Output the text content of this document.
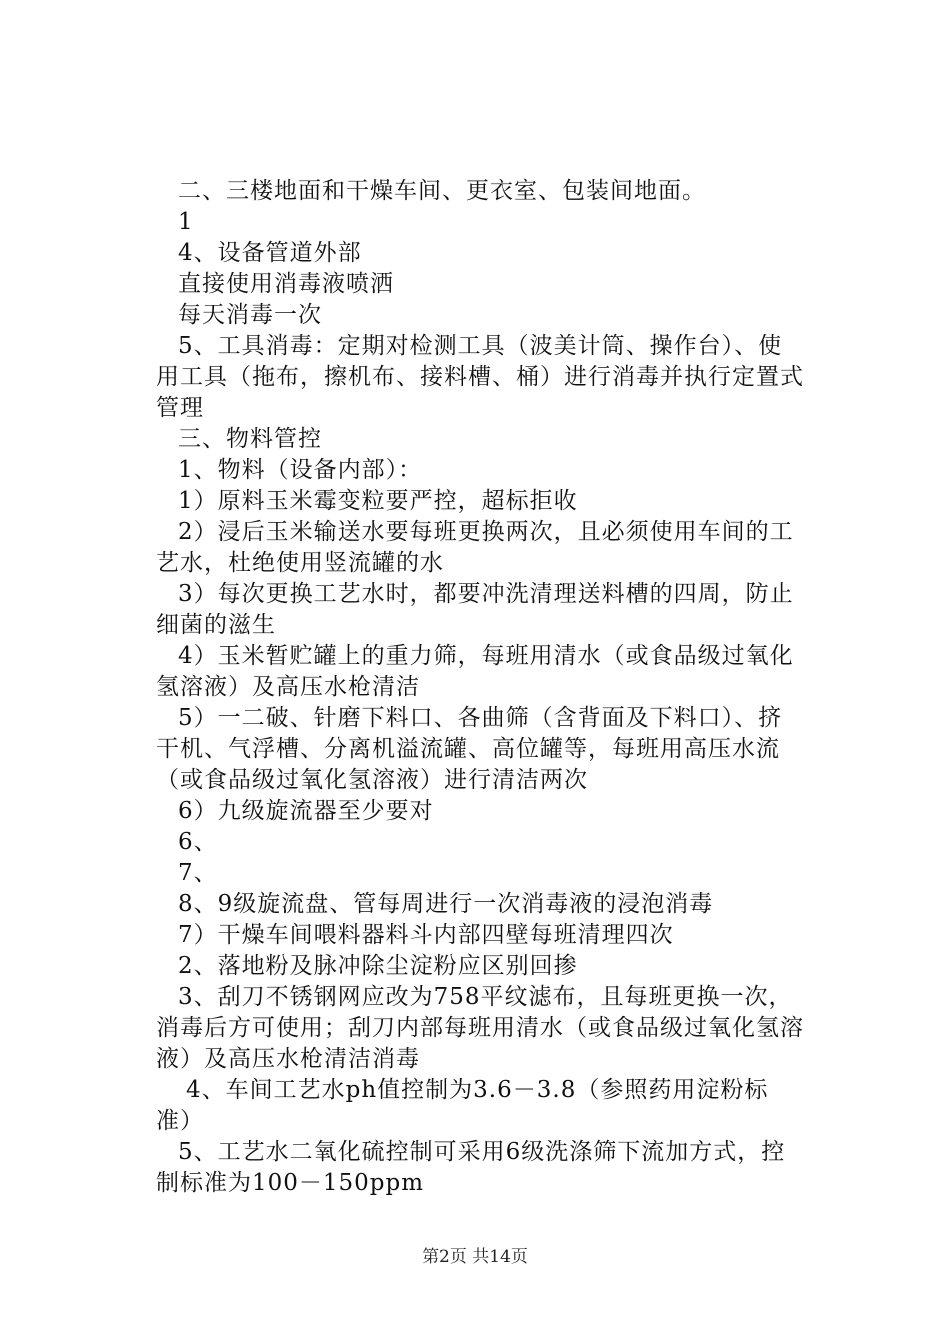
二、三楼地面和干燥车间、更衣室、包装间地面。
1
4、设备管道外部
直接使用消毒液喷洒
每天消毒一次
5、工具消毒：定期对检测工具（波美计筒、操作台）、使
用工具（拖布，擦机布、接料槽、桶）进行消毒并执行定置式
管理
三、物料管控
1、物料（设备内部）：
1）原料玉米霉变粒要严控，超标拒收
2）浸后玉米输送水要每班更换两次，且必须使用车间的工
艺水，杜绝使用竖流罐的水
3）每次更换工艺水时，都要冲洗清理送料槽的四周，防止
细菌的滋生
4）玉米暂贮罐上的重力筛，每班用清水（或食品级过氧化
氢溶液）及高压水枪清洁
5）一二破、针磨下料口、各曲筛（含背面及下料口）、挤
干机、气浮槽、分离机溢流罐、高位罐等，每班用高压水流
（或食品级过氧化氢溶液）进行清洁两次
6）九级旋流器至少要对
6、
7、
8、9级旋流盘、管每周进行一次消毒液的浸泡消毒
7）干燥车间喂料器料斗内部四壁每班清理四次
2、落地粉及脉冲除尘淀粉应区别回掺
3、刮刀不锈钢网应改为758平纹滤布，且每班更换一次，
消毒后方可使用；刮刀内部每班用清水（或食品级过氧化氢溶
液）及高压水枪清洁消毒
4、车间工艺水ph值控制为3.6－3.8（参照药用淀粉标
准）
5、工艺水二氧化硫控制可采用6级洗涤筛下流加方式，控
制标准为100－150ppm
第2页 共14页
